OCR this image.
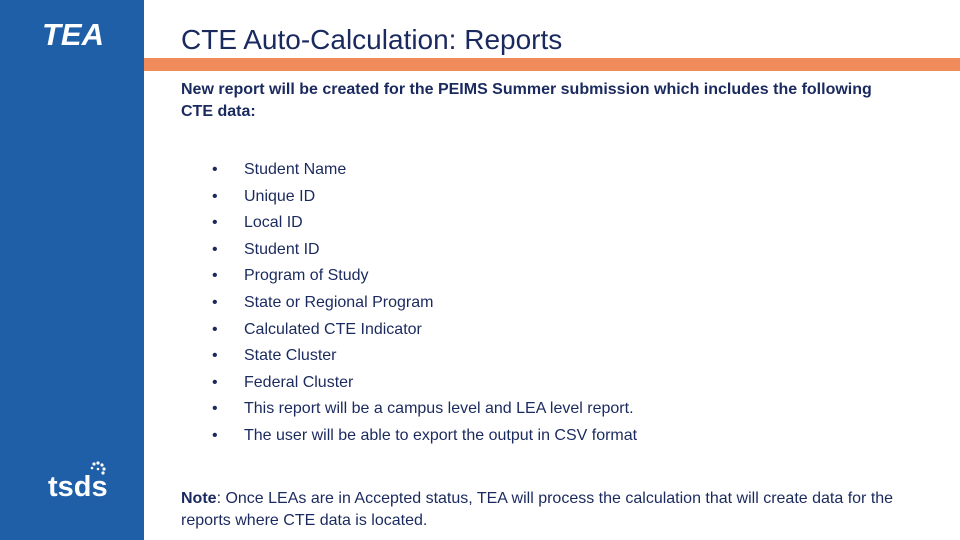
TEA
tsds
CTE Auto-Calculation: Reports

New report will be created for the PEIMS Summer submission which includes the following CTE data:

•	Student Name
•	Unique ID
•	Local ID
•	Student ID
•	Program of Study
•	State or Regional Program
•	Calculated CTE Indicator
•	State Cluster
•	Federal Cluster
•	This report will be a campus level and LEA level report.
•	The user will be able to export the output in CSV format

Note: Once LEAs are in Accepted status, TEA will process the calculation that will create data for the reports where CTE data is located.
